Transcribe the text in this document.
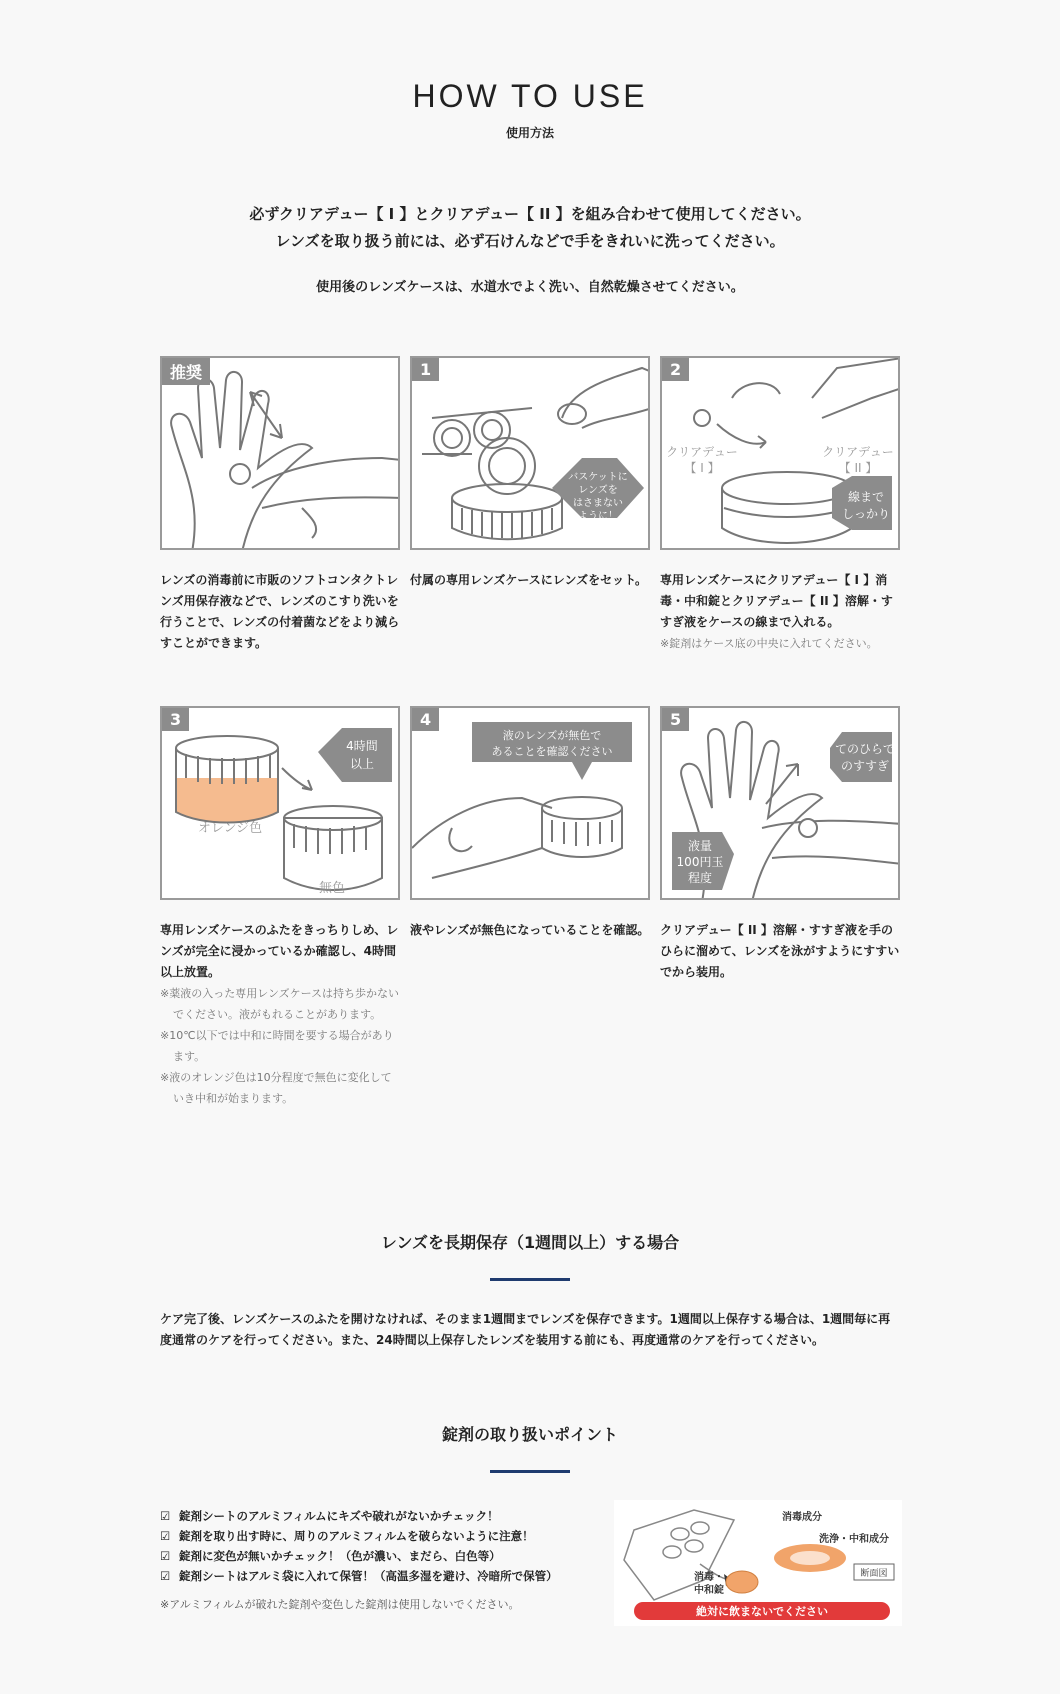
HOW TO USE
使用方法
必ずクリアデュー【 I 】とクリアデュー【 II 】を組み合わせて使用してください。
レンズを取り扱う前には、必ず石けんなどで手をきれいに洗ってください。
使用後のレンズケースは、水道水でよく洗い、自然乾燥させてください。
推奨
レンズの消毒前に市販のソフトコンタクトレンズ用保存液などで、レンズのこすり洗いを行うことで、レンズの付着菌などをより減らすことができます。
バスケットに
レンズを
はさまない
ように！
1
付属の専用レンズケースにレンズをセット。
クリアデュー
【 I 】
クリアデュー
【 II 】
線まで
しっかり
2
専用レンズケースにクリアデュー【 I 】消毒・中和錠とクリアデュー【 II 】溶解・すすぎ液をケースの線まで入れる。
※錠剤はケース底の中央に入れてください。
4時間
以上
オレンジ色
無色
3
専用レンズケースのふたをきっちりしめ、レンズが完全に浸かっているか確認し、4時間以上放置。
※薬液の入った専用レンズケースは持ち歩かないでください。液がもれることがあります。
※10℃以下では中和に時間を要する場合があります。
※液のオレンジ色は10分程度で無色に変化していき中和が始まります。
液のレンズが無色で
あることを確認ください
4
液やレンズが無色になっていることを確認。
てのひらで
のすすぎ
液量
100円玉
程度
5
クリアデュー【 II 】溶解・すすぎ液を手のひらに溜めて、レンズを泳がすようにすすいでから装用。
レンズを長期保存（1週間以上）する場合
ケア完了後、レンズケースのふたを開けなければ、そのまま1週間までレンズを保存できます。1週間以上保存する場合は、1週間毎に再度通常のケアを行ってください。また、24時間以上保存したレンズを装用する前にも、再度通常のケアを行ってください。
錠剤の取り扱いポイント
☑ 錠剤シートのアルミフィルムにキズや破れがないかチェック！
☑ 錠剤を取り出す時に、周りのアルミフィルムを破らないように注意！
☑ 錠剤に変色が無いかチェック！（色が濃い、まだら、白色等）
☑ 錠剤シートはアルミ袋に入れて保管！（高温多湿を避け、冷暗所で保管）
※アルミフィルムが破れた錠剤や変色した錠剤は使用しないでください。
消毒・
中和錠
消毒成分
洗浄・中和成分
断面図
絶対に飲まないでください
